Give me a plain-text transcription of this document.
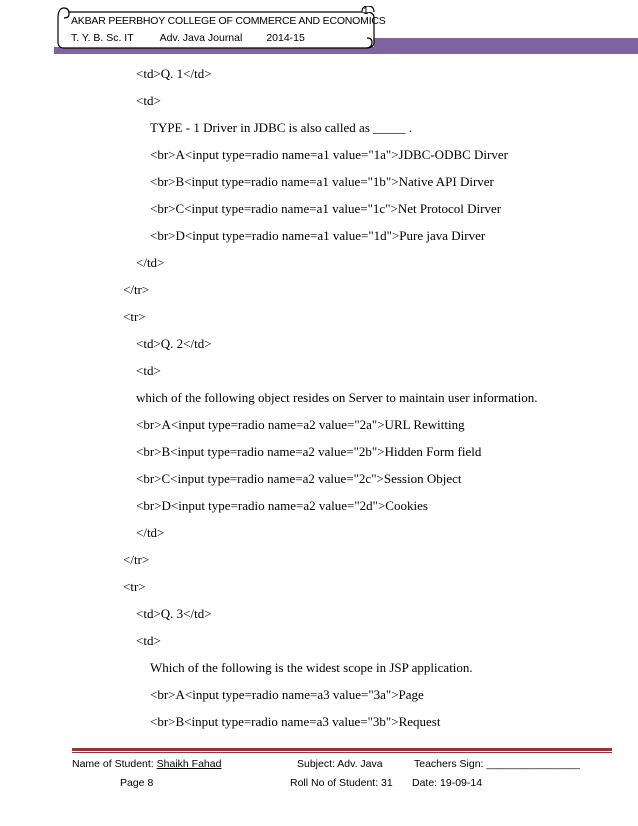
1
AKBAR PEERBHOY COLLEGE OF COMMERCE AND ECONOMICS
T. Y. B. Sc. IT Adv. Java Journal 2014-15
<td>Q. 1</td>
<td>
TYPE - 1 Driver in JDBC is also called as _____ .
<br>A<input type=radio name=a1 value="1a">JDBC-ODBC Dirver
<br>B<input type=radio name=a1 value="1b">Native API Dirver
<br>C<input type=radio name=a1 value="1c">Net Protocol Dirver
<br>D<input type=radio name=a1 value="1d">Pure java Dirver
</td>
</tr>
<tr>
<td>Q. 2</td>
<td>
which of the following object resides on Server to maintain user information.
<br>A<input type=radio name=a2 value="2a">URL Rewitting
<br>B<input type=radio name=a2 value="2b">Hidden Form field
<br>C<input type=radio name=a2 value="2c">Session Object
<br>D<input type=radio name=a2 value="2d">Cookies
</td>
</tr>
<tr>
<td>Q. 3</td>
<td>
Which of the following is the widest scope in JSP application.
<br>A<input type=radio name=a3 value="3a">Page
<br>B<input type=radio name=a3 value="3b">Request
Name of Student: Shaikh Fahad	Subject: Adv. Java	Teachers Sign: ________________
Page 8	Roll No of Student: 31 Date: 19-09-14
